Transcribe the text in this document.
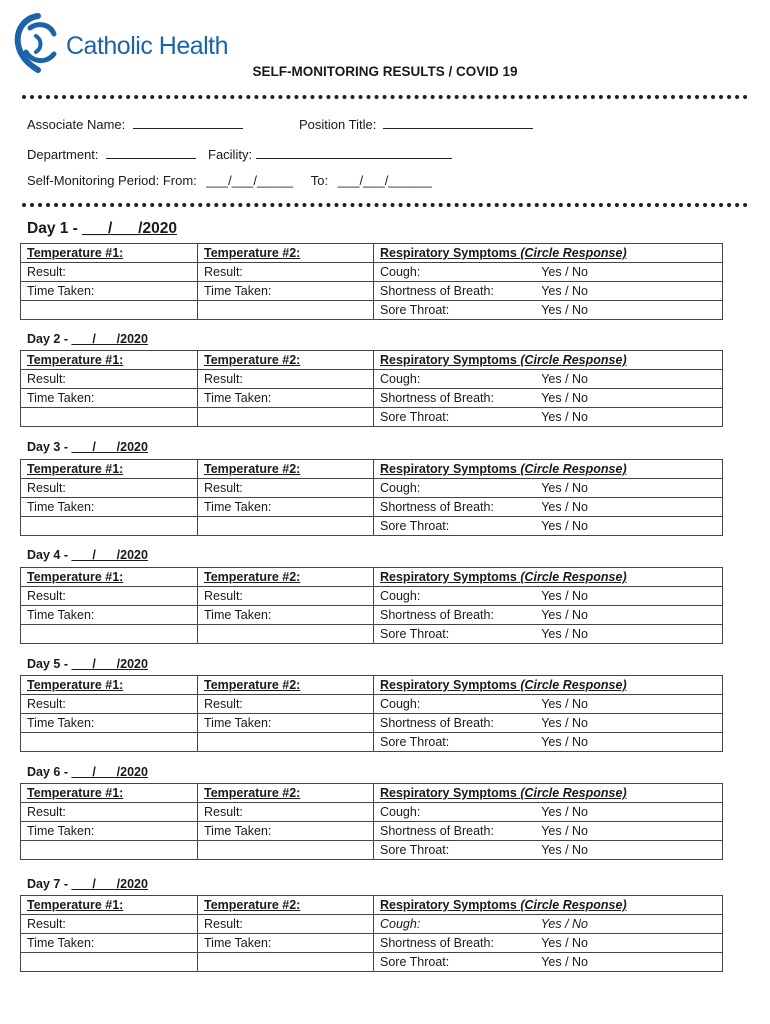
Catholic Health
SELF-MONITORING RESULTS / COVID 19
Associate Name:	Position Title:
Department:	Facility:
Self-Monitoring Period: From: ___/___/_____ To: ___/___/______
Day 1 - ___/___/2020
Temperature #1:	Temperature #2:	Respiratory Symptoms (Circle Response)
Result:	Result:	Cough: Yes / No
Time Taken:	Time Taken:	Shortness of Breath: Yes / No
		Sore Throat: Yes / No
Day 2 - ___/___/2020
Temperature #1:	Temperature #2:	Respiratory Symptoms (Circle Response)
Result:	Result:	Cough: Yes / No
Time Taken:	Time Taken:	Shortness of Breath: Yes / No
		Sore Throat: Yes / No
Day 3 - ___/___/2020
Temperature #1:	Temperature #2:	Respiratory Symptoms (Circle Response)
Result:	Result:	Cough: Yes / No
Time Taken:	Time Taken:	Shortness of Breath: Yes / No
		Sore Throat: Yes / No
Day 4 - ___/___/2020
Temperature #1:	Temperature #2:	Respiratory Symptoms (Circle Response)
Result:	Result:	Cough: Yes / No
Time Taken:	Time Taken:	Shortness of Breath: Yes / No
		Sore Throat: Yes / No
Day 5 - ___/___/2020
Temperature #1:	Temperature #2:	Respiratory Symptoms (Circle Response)
Result:	Result:	Cough: Yes / No
Time Taken:	Time Taken:	Shortness of Breath: Yes / No
		Sore Throat: Yes / No
Day 6 - ___/___/2020
Temperature #1:	Temperature #2:	Respiratory Symptoms (Circle Response)
Result:	Result:	Cough: Yes / No
Time Taken:	Time Taken:	Shortness of Breath: Yes / No
		Sore Throat: Yes / No
Day 7 - ___/___/2020
Temperature #1:	Temperature #2:	Respiratory Symptoms (Circle Response)
Result:	Result:	Cough: Yes / No
Time Taken:	Time Taken:	Shortness of Breath: Yes / No
		Sore Throat: Yes / No
